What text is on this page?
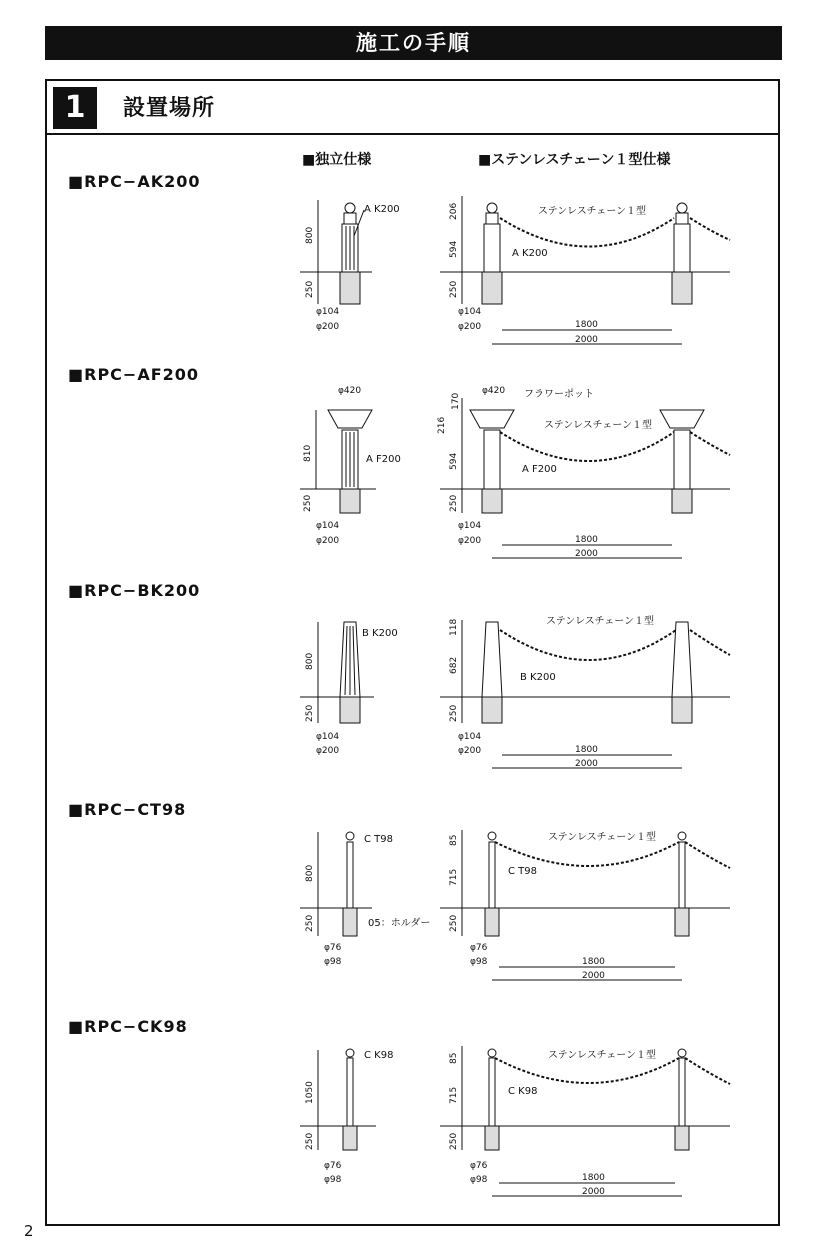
施工の手順
1	設置場所
■独立仕様	■ステンレスチェーン１型仕様
■RPC−AK200
■RPC−AF200
■RPC−BK200
■RPC−CT98
■RPC−CK98
2
A K200
800
250
φ104
φ200
ステンレスチェーン１型
A K200
206
594
250
φ104
φ200	1800
2000
φ420
A F200
810
250
φ104
φ200
φ420 フラワーポット
ステンレスチェーン１型
A F200
170
216
594
250
φ104
φ200	1800
2000
B K200
800
250
φ104
φ200
ステンレスチェーン１型
B K200
118
682
250
φ104
φ200	1800
2000
C T98
800
250	05：ホルダー
φ76
φ98
ステンレスチェーン１型
C T98
85
715
250
φ76
φ98	1800
2000
C K98
1050
250
φ76
φ98
ステンレスチェーン１型
C K98
85
715
250
φ76
φ98	1800
2000
